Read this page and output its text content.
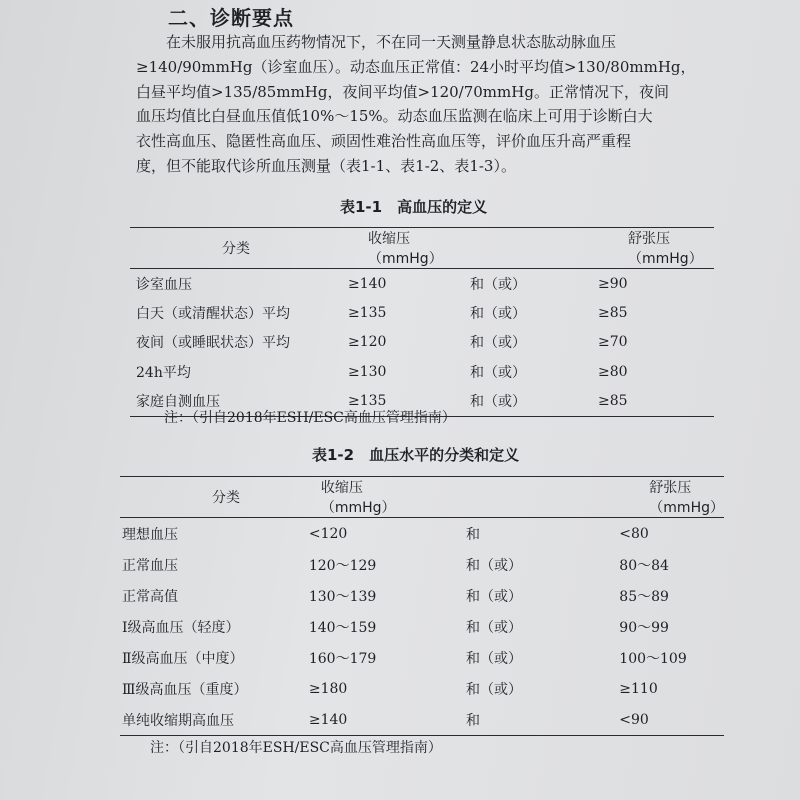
二、诊断要点

　　在未服用抗高血压药物情况下，不在同一天测量静息状态肱动脉血压

≥140/90mmHg（诊室血压）。动态血压正常值：24小时平均值>130/80mmHg，

白昼平均值>135/85mmHg，夜间平均值>120/70mmHg。正常情况下，夜间

血压均值比白昼血压值低10%～15%。动态血压监测在临床上可用于诊断白大

衣性高血压、隐匿性高血压、顽固性难治性高血压等，评价血压升高严重程

度，但不能取代诊所血压测量（表1-1、表1-2、表1-3）。

表1-1　高血压的定义
分类	收缩压（mmHg）		舒张压（mmHg）
诊室血压	≥140	和（或）	≥90
白天（或清醒状态）平均	≥135	和（或）	≥85
夜间（或睡眠状态）平均	≥120	和（或）	≥70
24h平均	≥130	和（或）	≥80
家庭自测血压	≥135	和（或）	≥85
注：（引自2018年ESH/ESC高血压管理指南）
表1-2　血压水平的分类和定义
分类	收缩压（mmHg）		舒张压（mmHg）
理想血压	<120	和	<80
正常血压	120～129	和（或）	80～84
正常高值	130～139	和（或）	85～89
Ⅰ级高血压（轻度）	140～159	和（或）	90～99
Ⅱ级高血压（中度）	160～179	和（或）	100～109
Ⅲ级高血压（重度）	≥180	和（或）	≥110
单纯收缩期高血压	≥140	和	<90
注：（引自2018年ESH/ESC高血压管理指南）
